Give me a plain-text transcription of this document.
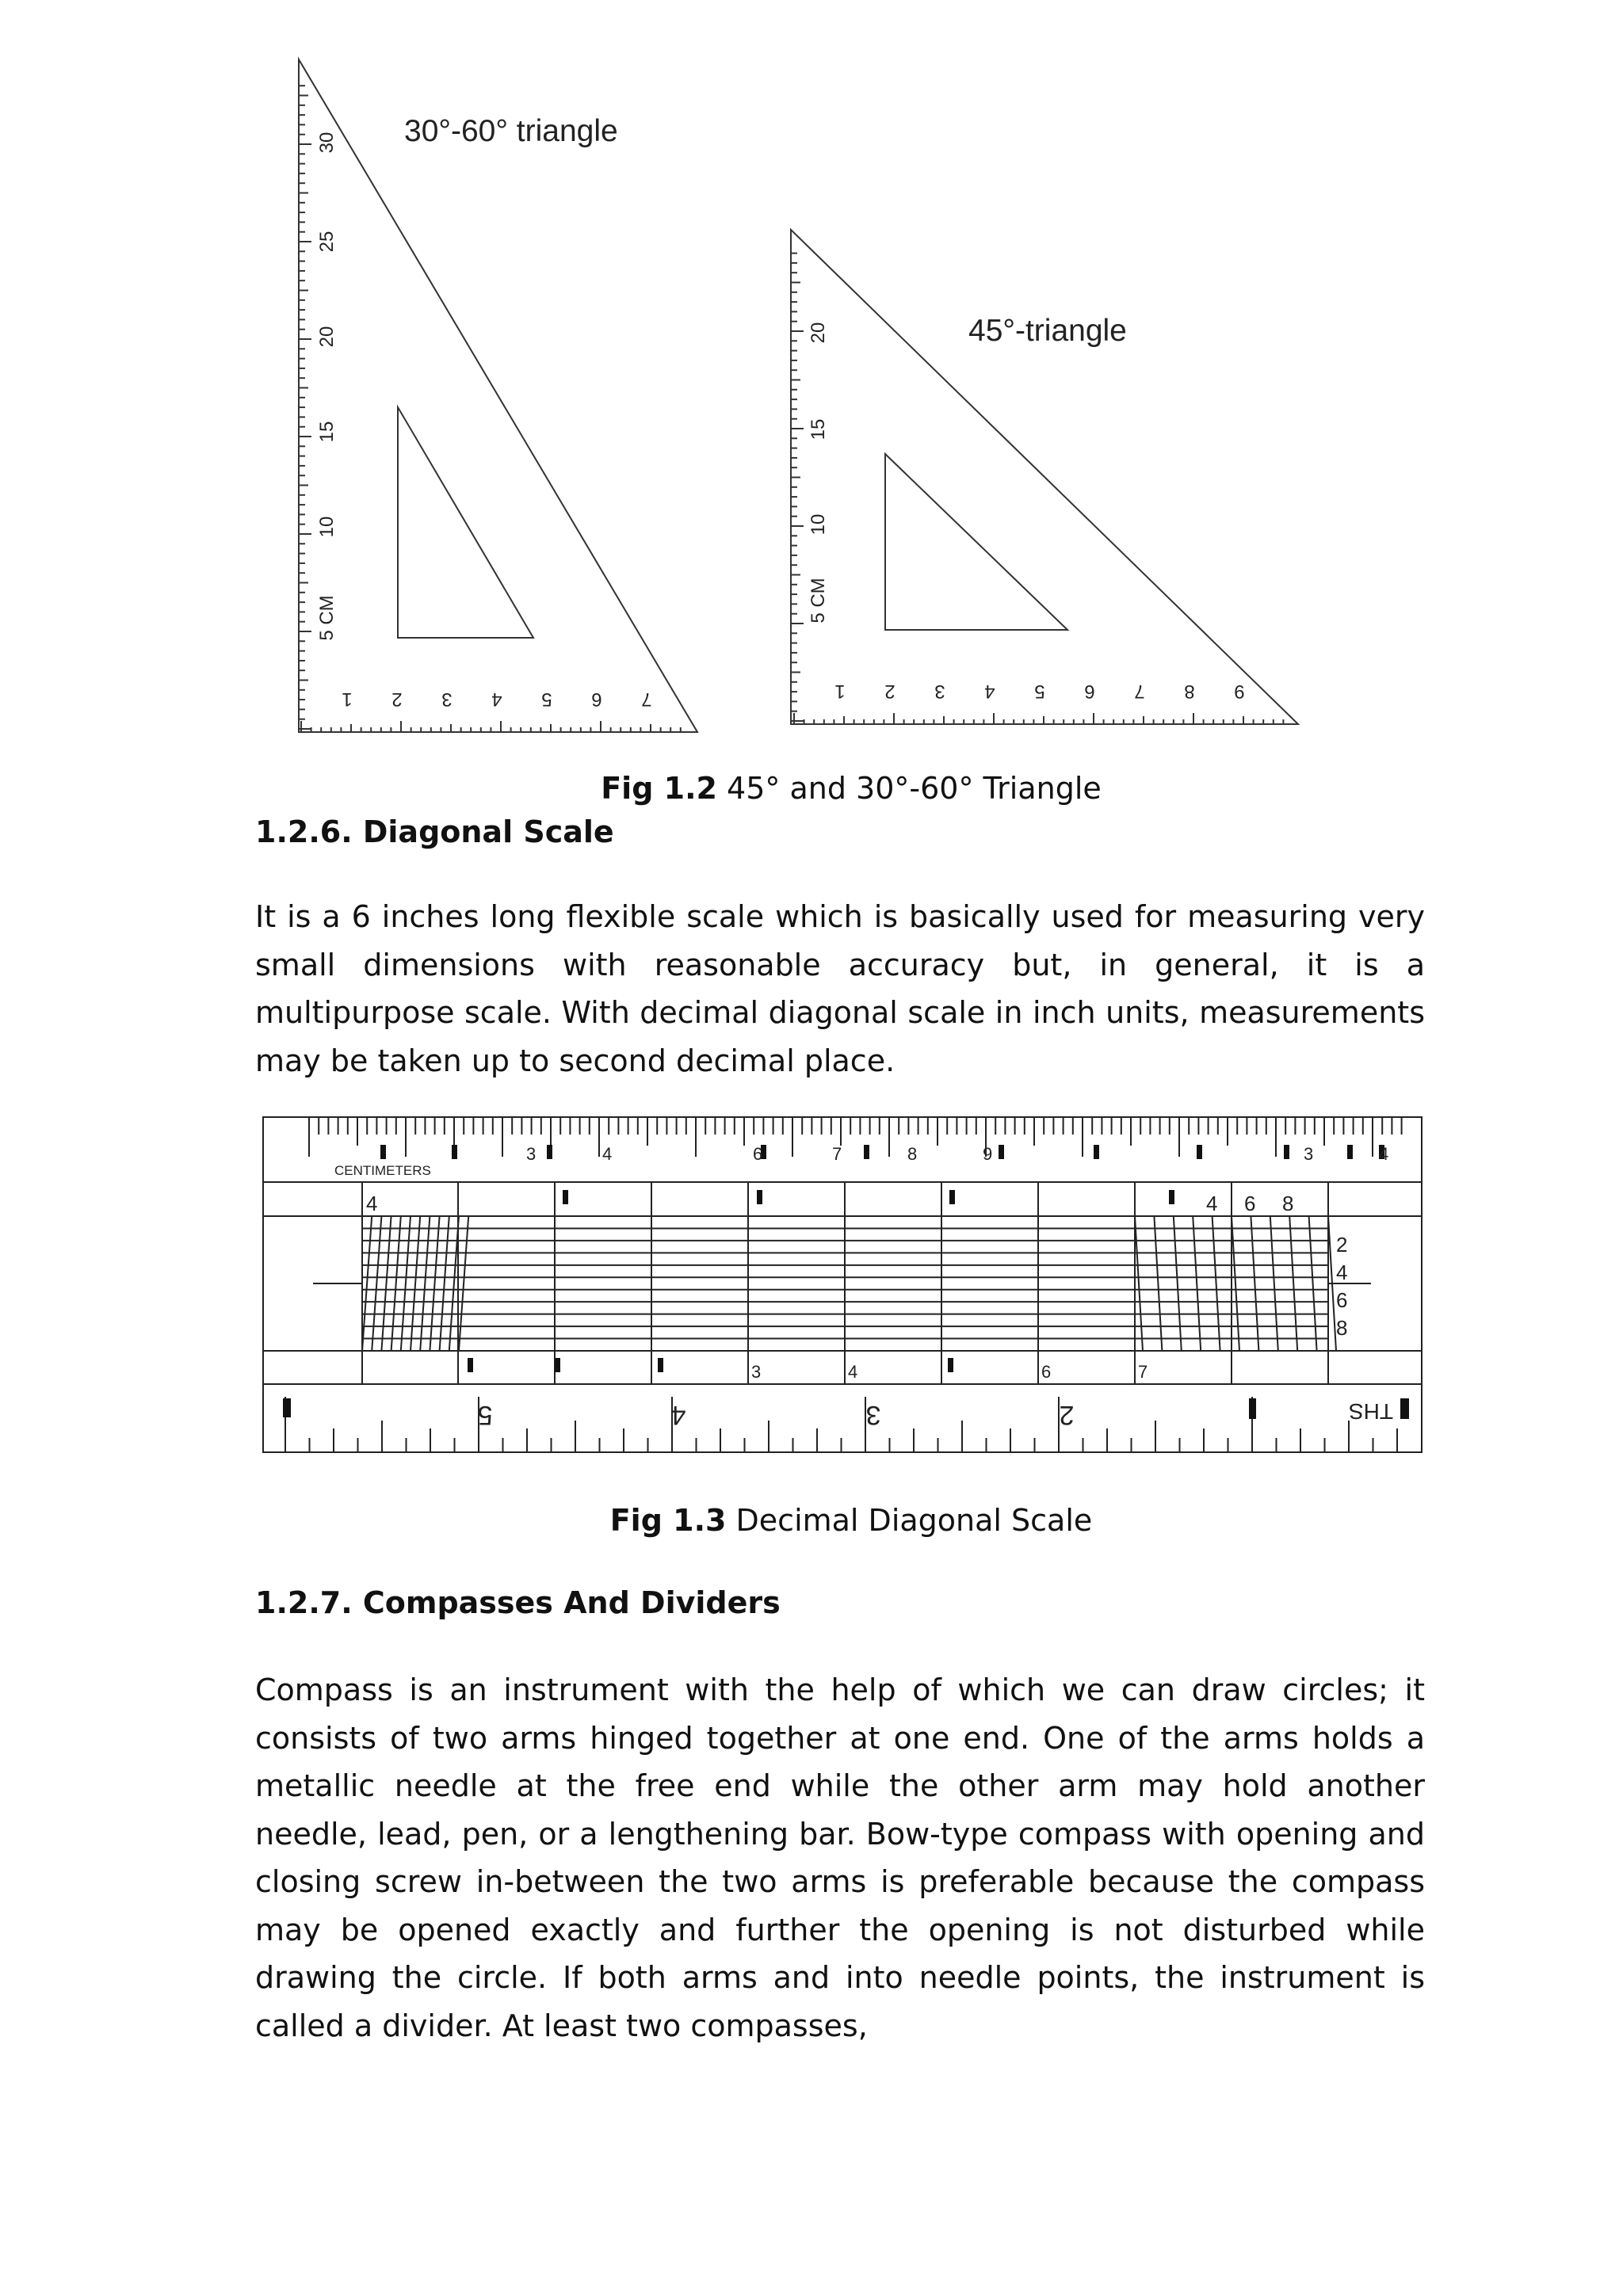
30°-60° triangle
5 CM
10
15
20
25
30
1 2 3 4 5 6 7
45°-triangle
5 CM
10
15
20
1 2 3 4 5 6 7 8 9
Fig 1.2 45° and 30°-60° Triangle
1.2.6. Diagonal Scale
It is a 6 inches long flexible scale which is basically used for measuring very small dimensions with reasonable accuracy but, in general, it is a multipurpose scale. With decimal diagonal scale in inch units, measurements may be taken up to second decimal place.
3	4	6	7	8	9	3	4
CENTIMETERS
4	4 6 8
2
4
6
8
3	4	6	7
5	4	3	2	THS
Fig 1.3 Decimal Diagonal Scale
1.2.7. Compasses And Dividers
Compass is an instrument with the help of which we can draw circles; it consists of two arms hinged together at one end. One of the arms holds a metallic needle at the free end while the other arm may hold another needle, lead, pen, or a lengthening bar. Bow-type compass with opening and closing screw in-between the two arms is preferable because the compass may be opened exactly and further the opening is not disturbed while drawing the circle. If both arms and into needle points, the instrument is called a divider. At least two compasses,
